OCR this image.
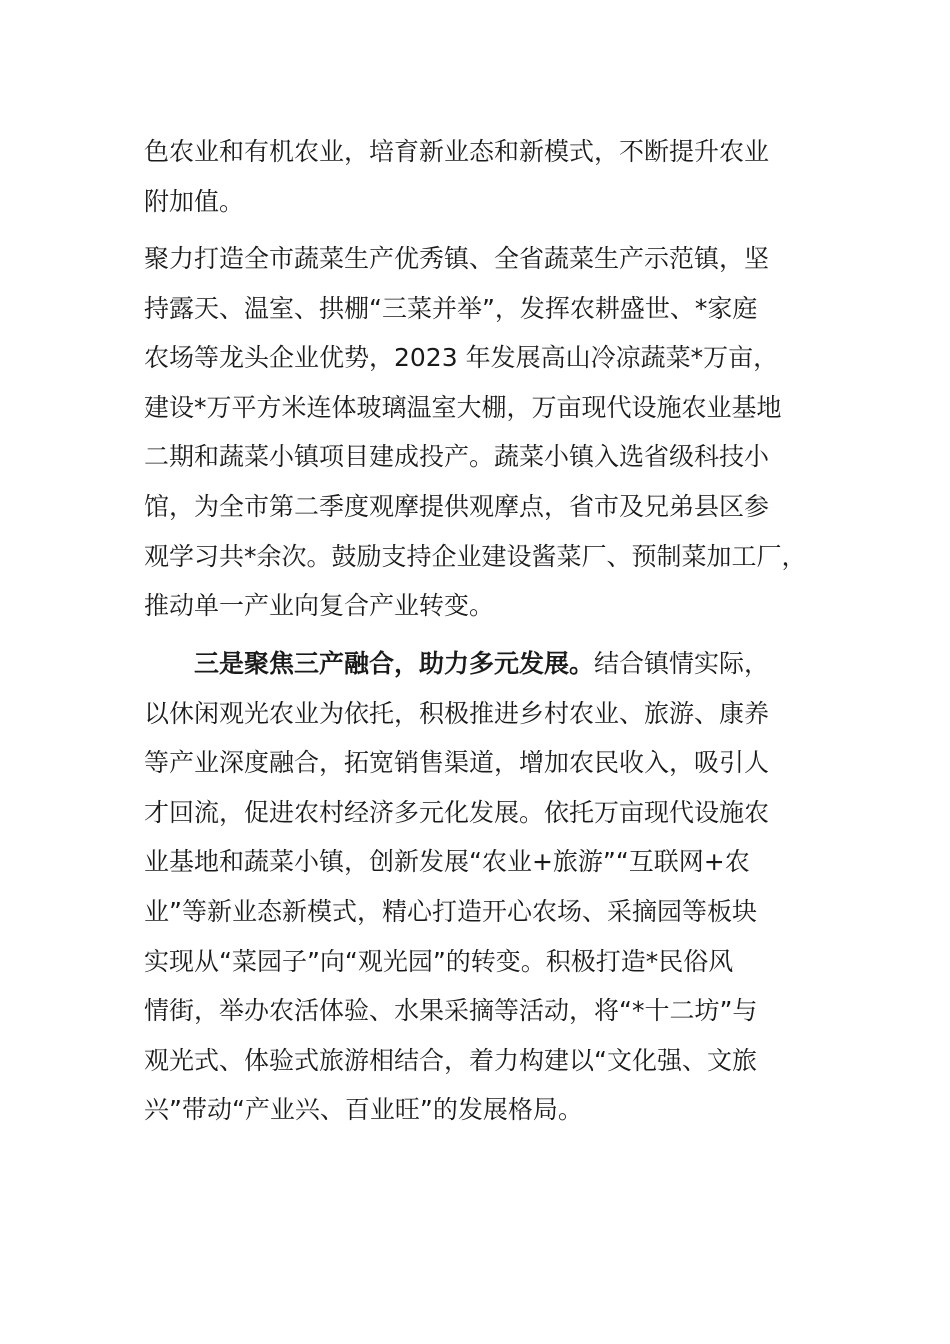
色农业和有机农业，培育新业态和新模式，不断提升农业
附加值。
聚力打造全市蔬菜生产优秀镇、全省蔬菜生产示范镇，坚
持露天、温室、拱棚“三菜并举”，发挥农耕盛世、*家庭
农场等龙头企业优势，2023 年发展高山冷凉蔬菜*万亩，
建设*万平方米连体玻璃温室大棚，万亩现代设施农业基地
二期和蔬菜小镇项目建成投产。蔬菜小镇入选省级科技小
馆，为全市第二季度观摩提供观摩点，省市及兄弟县区参
观学习共*余次。鼓励支持企业建设酱菜厂、预制菜加工厂，
推动单一产业向复合产业转变。
　　三是聚焦三产融合，助力多元发展。结合镇情实际，
以休闲观光农业为依托，积极推进乡村农业、旅游、康养
等产业深度融合，拓宽销售渠道，增加农民收入，吸引人
才回流，促进农村经济多元化发展。依托万亩现代设施农
业基地和蔬菜小镇，创新发展“农业+旅游”“互联网+农
业”等新业态新模式，精心打造开心农场、采摘园等板块
实现从“菜园子”向“观光园”的转变。积极打造*民俗风
情街，举办农活体验、水果采摘等活动，将“*十二坊”与
观光式、体验式旅游相结合，着力构建以“文化强、文旅
兴”带动“产业兴、百业旺”的发展格局。
